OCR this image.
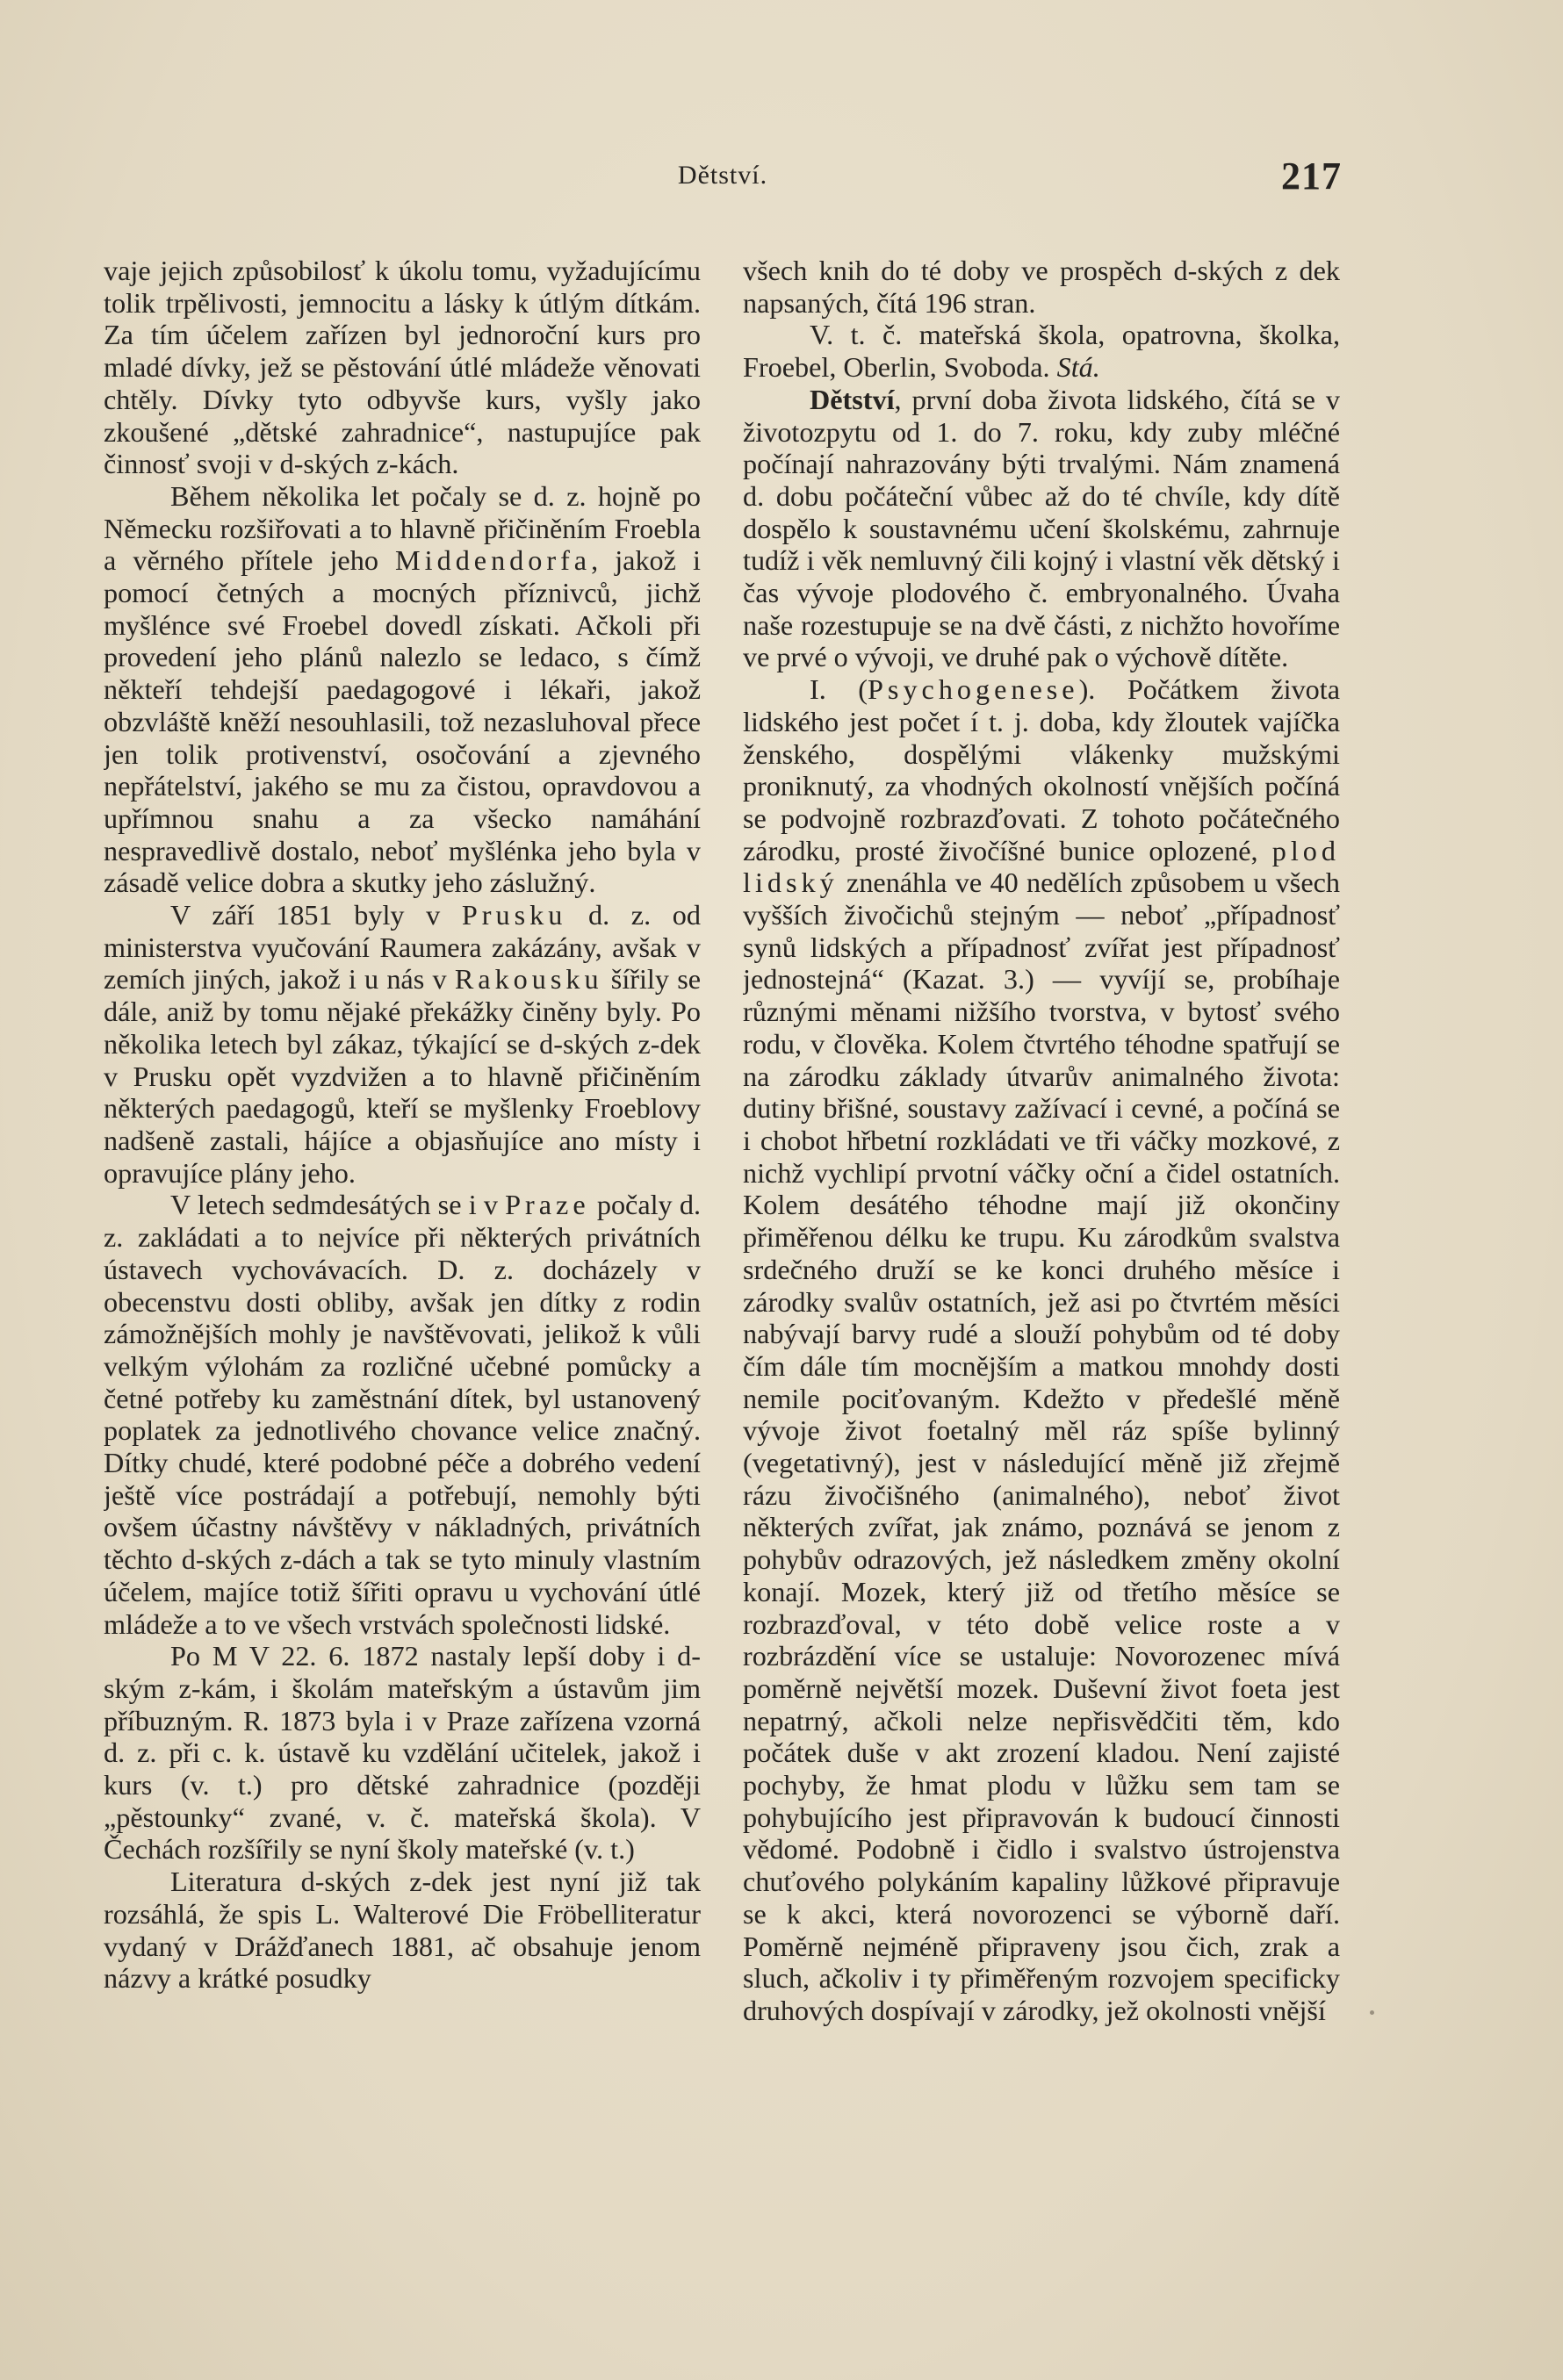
Dětství.	217

vaje jejich způsobilosť k úkolu tomu, vyžadujícímu tolik trpělivosti, jemnocitu a lásky k útlým dítkám. Za tím účelem zařízen byl jednoroční kurs pro mladé dívky, jež se pěstování útlé mládeže věnovati chtěly. Dívky tyto odbyvše kurs, vyšly jako zkoušené „dětské zahradnice“, nastupujíce pak činnosť svoji v d-ských z-kách.

Během několika let počaly se d. z. hojně po Německu rozšiřovati a to hlavně přičiněním Froebla a věrného přítele jeho Middendorfa, jakož i pomocí četných a mocných příznivců, jichž myšlénce své Froebel dovedl získati. Ačkoli při provedení jeho plánů nalezlo se ledaco, s čímž někteří tehdejší paedagogové i lékaři, jakož obzvláště kněží nesouhlasili, tož nezasluhoval přece jen tolik protivenství, osočování a zjevného nepřátelství, jakého se mu za čistou, opravdovou a upřímnou snahu a za všecko namáhání nespravedlivě dostalo, neboť myšlénka jeho byla v zásadě velice dobra a skutky jeho záslužný.

V září 1851 byly v Prusku d. z. od ministerstva vyučování Raumera zakázány, avšak v zemích jiných, jakož i u nás v Rakousku šířily se dále, aniž by tomu nějaké překážky činěny byly. Po několika letech byl zákaz, týkající se d-ských z-dek v Prusku opět vyzdvižen a to hlavně přičiněním některých paedagogů, kteří se myšlenky Froeblovy nadšeně zastali, hájíce a objasňujíce ano místy i opravujíce plány jeho.

V letech sedmdesátých se i v Praze počaly d. z. zakládati a to nejvíce při některých privátních ústavech vychovávacích. D. z. docházely v obecenstvu dosti obliby, avšak jen dítky z rodin zámožnějších mohly je navštěvovati, jelikož k vůli velkým výlohám za rozličné učebné pomůcky a četné potřeby ku zaměstnání dítek, byl ustanovený poplatek za jednotlivého chovance velice značný. Dítky chudé, které podobné péče a dobrého vedení ještě více postrádají a potřebují, nemohly býti ovšem účastny návštěvy v nákladných, privátních těchto d-ských z-dách a tak se tyto minuly vlastním účelem, majíce totiž šířiti opravu u vychování útlé mládeže a to ve všech vrstvách společnosti lidské.

Po M V 22. 6. 1872 nastaly lepší doby i d-ským z-kám, i školám mateřským a ústavům jim příbuzným. R. 1873 byla i v Praze zařízena vzorná d. z. při c. k. ústavě ku vzdělání učitelek, jakož i kurs (v. t.) pro dětské zahradnice (později „pěstounky“ zvané, v. č. mateřská škola). V Čechách rozšířily se nyní školy mateřské (v. t.)

Literatura d-ských z-dek jest nyní již tak rozsáhlá, že spis L. Walterové Die Fröbelliteratur vydaný v Drážďanech 1881, ač obsahuje jenom názvy a krátké posudky

všech knih do té doby ve prospěch d-ských z dek napsaných, čítá 196 stran.

V. t. č. mateřská škola, opatrovna, školka, Froebel, Oberlin, Svoboda. Stá.

Dětství, první doba života lidského, čítá se v životozpytu od 1. do 7. roku, kdy zuby mléčné počínají nahrazovány býti trvalými. Nám znamená d. dobu počáteční vůbec až do té chvíle, kdy dítě dospělo k soustavnému učení školskému, zahrnuje tudíž i věk nemluvný čili kojný i vlastní věk dětský i čas vývoje plodového č. embryonalného. Úvaha naše rozestupuje se na dvě části, z nichžto hovoříme ve prvé o vývoji, ve druhé pak o výchově dítěte.

I. (Psychogenese). Počátkem života lidského jest počet í t. j. doba, kdy žloutek vajíčka ženského, dospělými vlákenky mužskými proniknutý, za vhodných okolností vnějších počíná se podvojně rozbrazďovati. Z tohoto počátečného zárodku, prosté živočíšné bunice oplozené, plod lidský znenáhla ve 40 nedělích způsobem u všech vyšších živočichů stejným — neboť „případnosť synů lidských a případnosť zvířat jest případnosť jednostejná“ (Kazat. 3.) — vyvíjí se, probíhaje různými měnami nižšího tvorstva, v bytosť svého rodu, v člověka. Kolem čtvrtého téhodne spatřují se na zárodku základy útvarův animalného života: dutiny břišné, soustavy zažívací i cevné, a počíná se i chobot hřbetní rozkládati ve tři váčky mozkové, z nichž vychlipí prvotní váčky oční a čidel ostatních. Kolem desátého téhodne mají již okončiny přiměřenou délku ke trupu. Ku zárodkům svalstva srdečného druží se ke konci druhého měsíce i zárodky svalův ostatních, jež asi po čtvrtém měsíci nabývají barvy rudé a slouží pohybům od té doby čím dále tím mocnějším a matkou mnohdy dosti nemile pociťovaným. Kdežto v předešlé měně vývoje život foetalný měl ráz spíše bylinný (vegetativný), jest v následující měně již zřejmě rázu živočišného (animalného), neboť život některých zvířat, jak známo, poznává se jenom z pohybův odrazových, jež následkem změny okolní konají. Mozek, který již od třetího měsíce se rozbrazďoval, v této době velice roste a v rozbrázdění více se ustaluje: Novorozenec mívá poměrně největší mozek. Duševní život foeta jest nepatrný, ačkoli nelze nepřisvědčiti těm, kdo počátek duše v akt zrození kladou. Není zajisté pochyby, že hmat plodu v lůžku sem tam se pohybujícího jest připravován k budoucí činnosti vědomé. Podobně i čidlo i svalstvo ústrojenstva chuťového polykáním kapaliny lůžkové připravuje se k akci, která novorozenci se výborně daří. Poměrně nejméně připraveny jsou čich, zrak a sluch, ačkoliv i ty přiměřeným rozvojem specificky druhových dospívají v zárodky, jež okolnosti vnější
